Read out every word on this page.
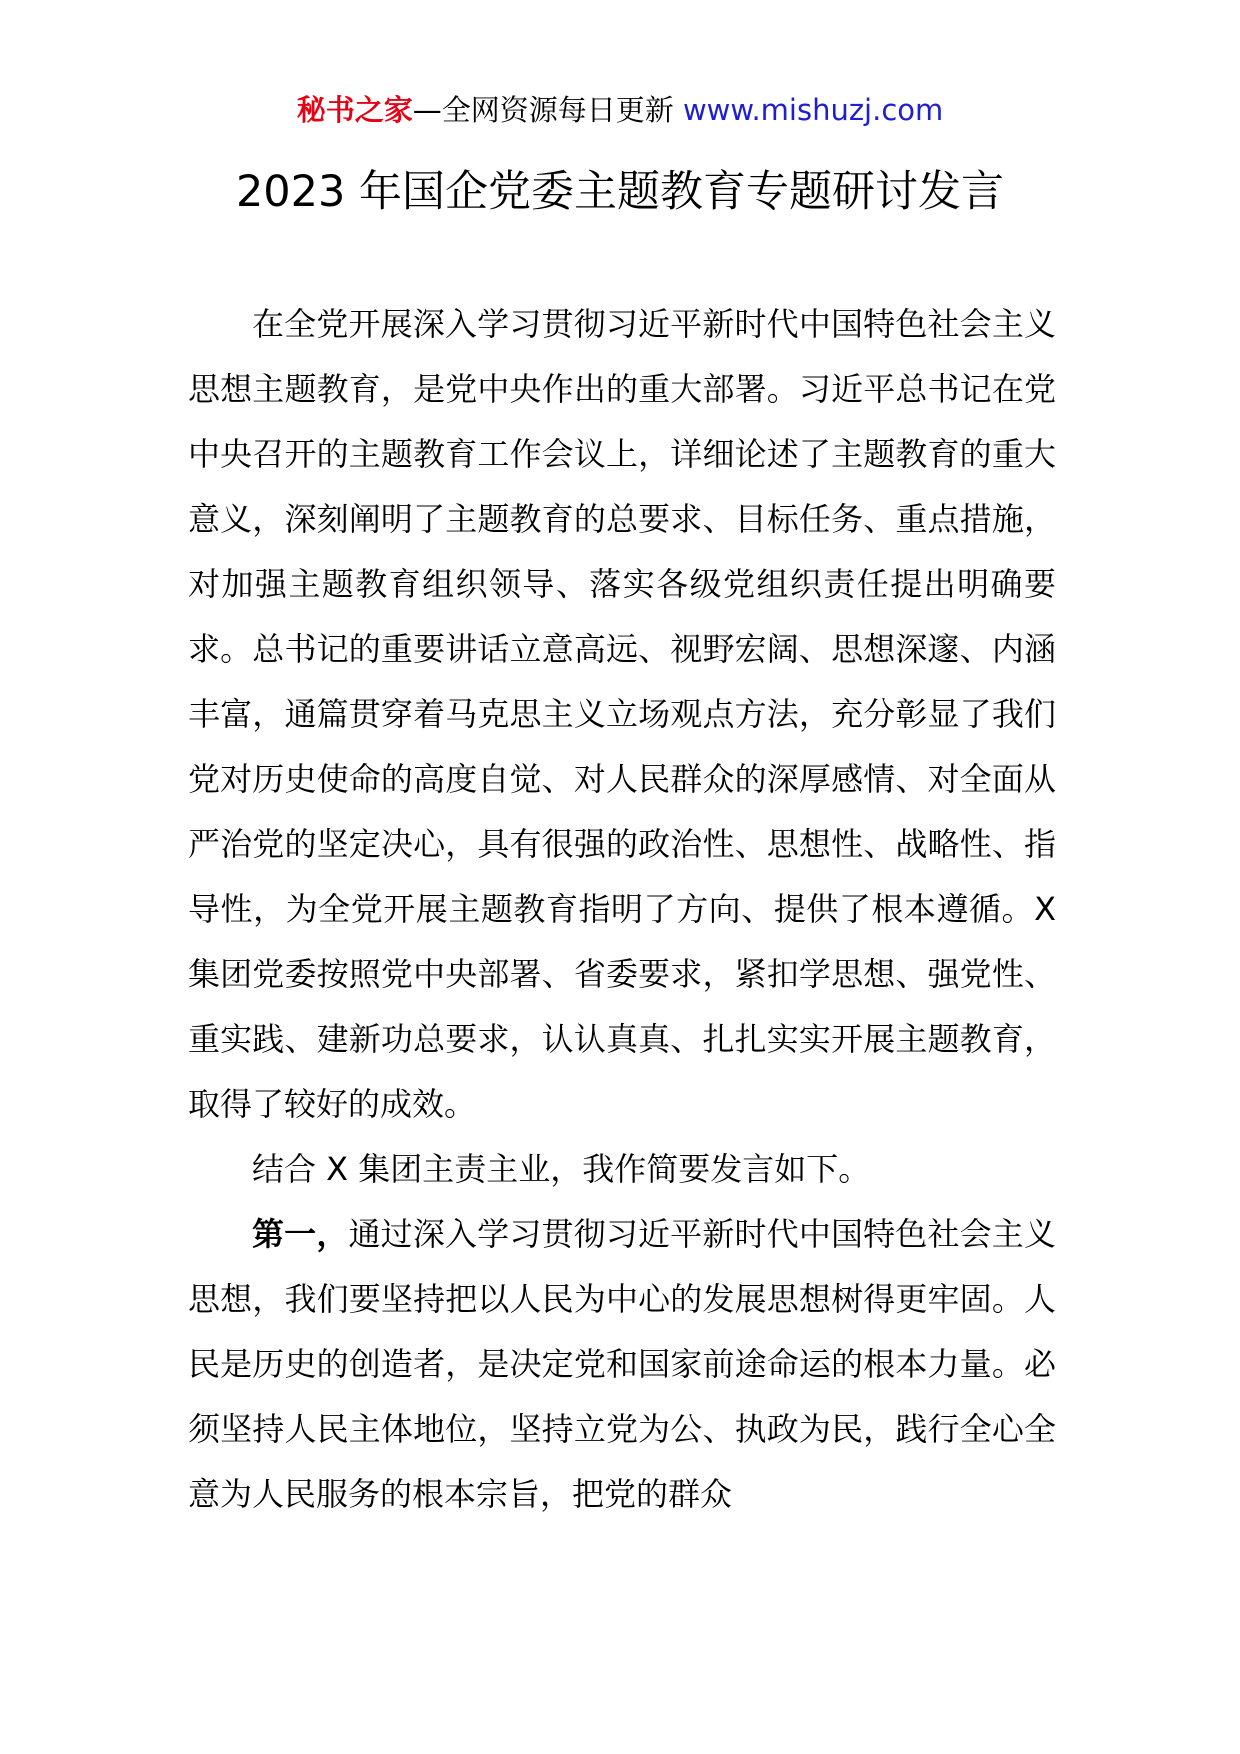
秘书之家—全网资源每日更新 www.mishuzj.com
2023 年国企党委主题教育专题研讨发言

在全党开展深入学习贯彻习近平新时代中国特色社会主义思想主题教育，是党中央作出的重大部署。习近平总书记在党中央召开的主题教育工作会议上，详细论述了主题教育的重大意义，深刻阐明了主题教育的总要求、目标任务、重点措施，对加强主题教育组织领导、落实各级党组织责任提出明确要求。总书记的重要讲话立意高远、视野宏阔、思想深邃、内涵丰富，通篇贯穿着马克思主义立场观点方法，充分彰显了我们党对历史使命的高度自觉、对人民群众的深厚感情、对全面从严治党的坚定决心，具有很强的政治性、思想性、战略性、指导性，为全党开展主题教育指明了方向、提供了根本遵循。X 集团党委按照党中央部署、省委要求，紧扣学思想、强党性、重实践、建新功总要求，认认真真、扎扎实实开展主题教育，取得了较好的成效。

结合 X 集团主责主业，我作简要发言如下。

第一，通过深入学习贯彻习近平新时代中国特色社会主义思想，我们要坚持把以人民为中心的发展思想树得更牢固。人民是历史的创造者，是决定党和国家前途命运的根本力量。必须坚持人民主体地位，坚持立党为公、执政为民，践行全心全意为人民服务的根本宗旨，把党的群众
